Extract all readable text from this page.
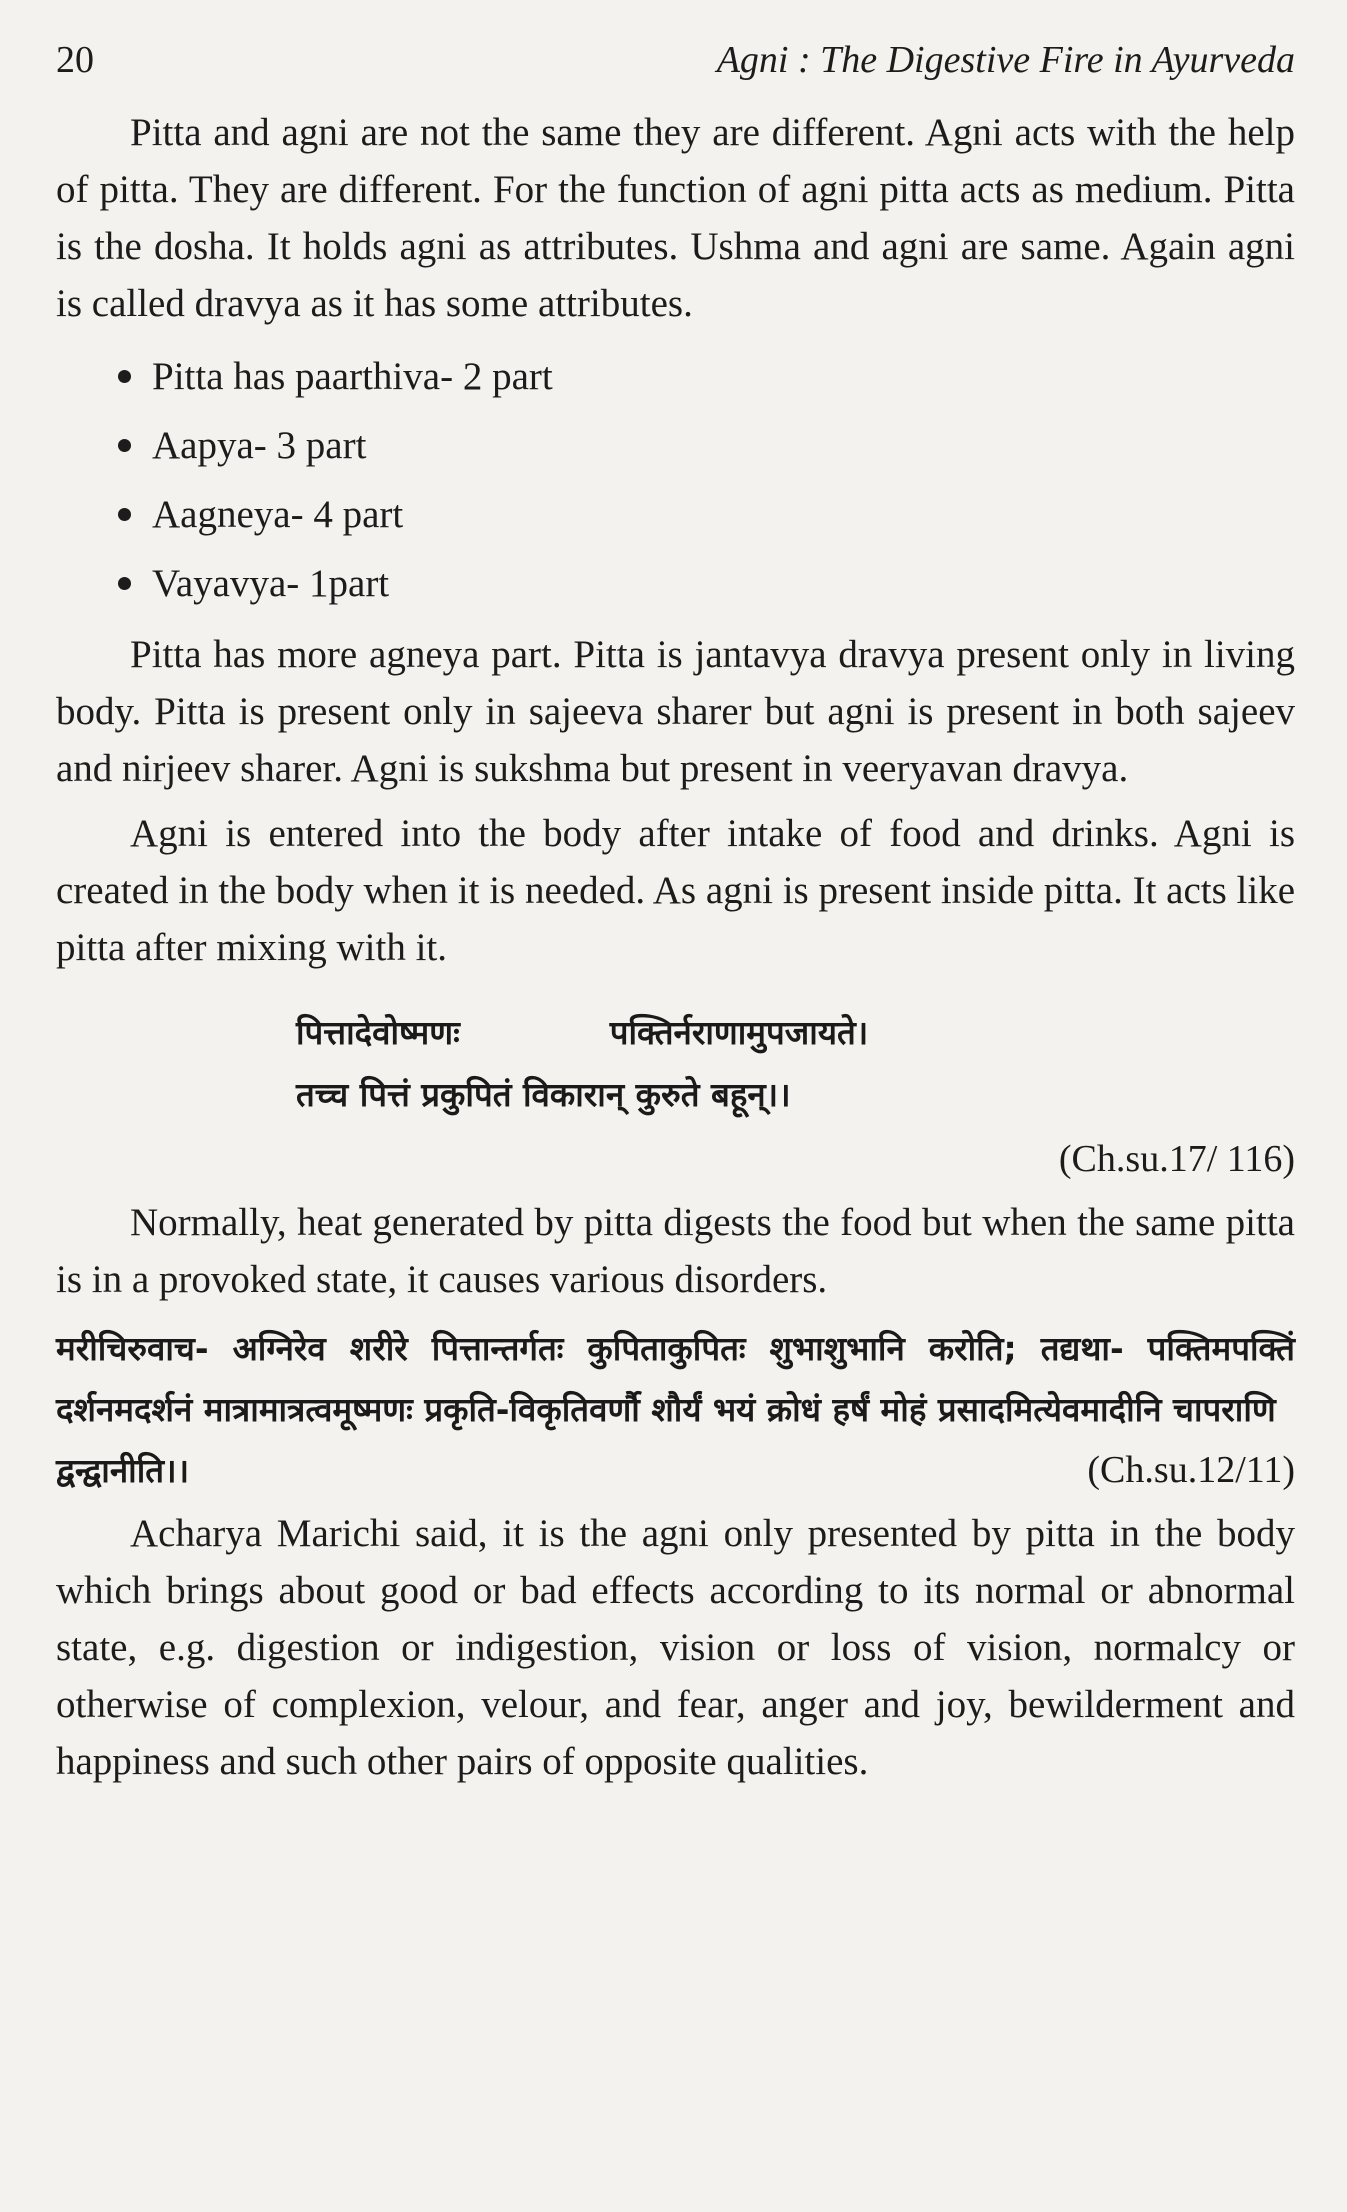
20	Agni : The Digestive Fire in Ayurveda

Pitta and agni are not the same they are different. Agni acts with the help of pitta. They are different. For the function of agni pitta acts as medium. Pitta is the dosha. It holds agni as attributes. Ushma and agni are same. Again agni is called dravya as it has some attributes.

Pitta has paarthiva- 2 part
Aapya- 3 part
Aagneya- 4 part
Vayavya- 1part

Pitta has more agneya part. Pitta is jantavya dravya present only in living body. Pitta is present only in sajeeva sharer but agni is present in both sajeev and nirjeev sharer. Agni is sukshma but present in veeryavan dravya.

Agni is entered into the body after intake of food and drinks. Agni is created in the body when it is needed. As agni is present inside pitta. It acts like pitta after mixing with it.

पित्तादेवोष्मणः	पक्तिर्नराणामुपजायते।
तच्च पित्तं प्रकुपितं विकारान् कुरुते बहून्।।
(Ch.su.17/ 116)

Normally, heat generated by pitta digests the food but when the same pitta is in a provoked state, it causes various disorders.

मरीचिरुवाच- अग्निरेव शरीरे पित्तान्तर्गतः कुपिताकुपितः शुभाशुभानि करोति; तद्यथा- पक्तिमपक्तिं दर्शनमदर्शनं मात्रामात्रत्वमूष्मणः प्रकृति-विकृतिवर्णौ शौर्यं भयं क्रोधं हर्षं मोहं प्रसादमित्येवमादीनि चापराणि
द्वन्द्वानीति।।	(Ch.su.12/11)

Acharya Marichi said, it is the agni only presented by pitta in the body which brings about good or bad effects according to its normal or abnormal state, e.g. digestion or indigestion, vision or loss of vision, normalcy or otherwise of complexion, velour, and fear, anger and joy, bewilderment and happiness and such other pairs of opposite qualities.
